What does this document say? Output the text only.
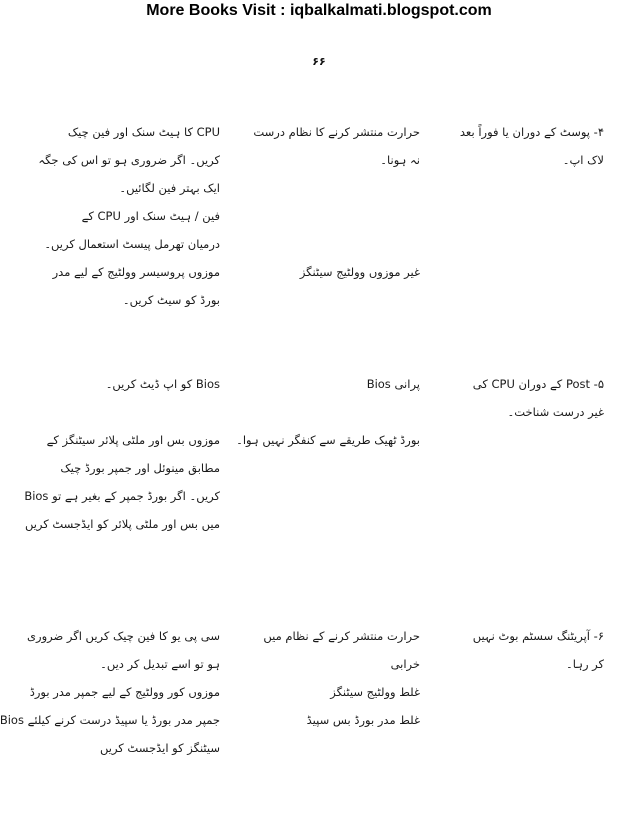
More Books Visit : iqbalkalmati.blogspot.com
۶۶
۴- پوسٹ کے دوران یا فوراً بعد
لاک اپ۔
حرارت منتشر کرنے کا نظام درست
نہ ہونا۔
غیر موزوں وولٹیج سیٹنگز
CPU کا ہیٹ سنک اور فین چیک
کریں۔ اگر ضروری ہو تو اس کی جگہ
ایک بہتر فین لگائیں۔
فین / ہیٹ سنک اور CPU کے
درمیان تھرمل پیسٹ استعمال کریں۔
موزوں پروسیسر وولٹیج کے لیے مدر
بورڈ کو سیٹ کریں۔
۵- Post کے دوران CPU کی
غیر درست شناخت۔
پرانی Bios
بورڈ ٹھیک طریقے سے کنفگر نہیں ہوا۔
Bios کو اپ ڈیٹ کریں۔
موزوں بس اور ملٹی پلائر سیٹنگز کے
مطابق مینوئل اور جمپر بورڈ چیک
کریں۔ اگر بورڈ جمپر کے بغیر ہے تو Bios
میں بس اور ملٹی پلائر کو ایڈجسٹ کریں
۶- آپریٹنگ سسٹم بوٹ نہیں
کر رہا۔
حرارت منتشر کرنے کے نظام میں
خرابی
غلط وولٹیج سیٹنگز
غلط مدر بورڈ بس سپیڈ
سی پی یو کا فین چیک کریں اگر ضروری
ہو تو اسے تبدیل کر دیں۔
موزوں کور وولٹیج کے لیے جمپر مدر بورڈ
جمپر مدر بورڈ یا سپیڈ درست کرنے کیلئے Bios
سیٹنگز کو ایڈجسٹ کریں
